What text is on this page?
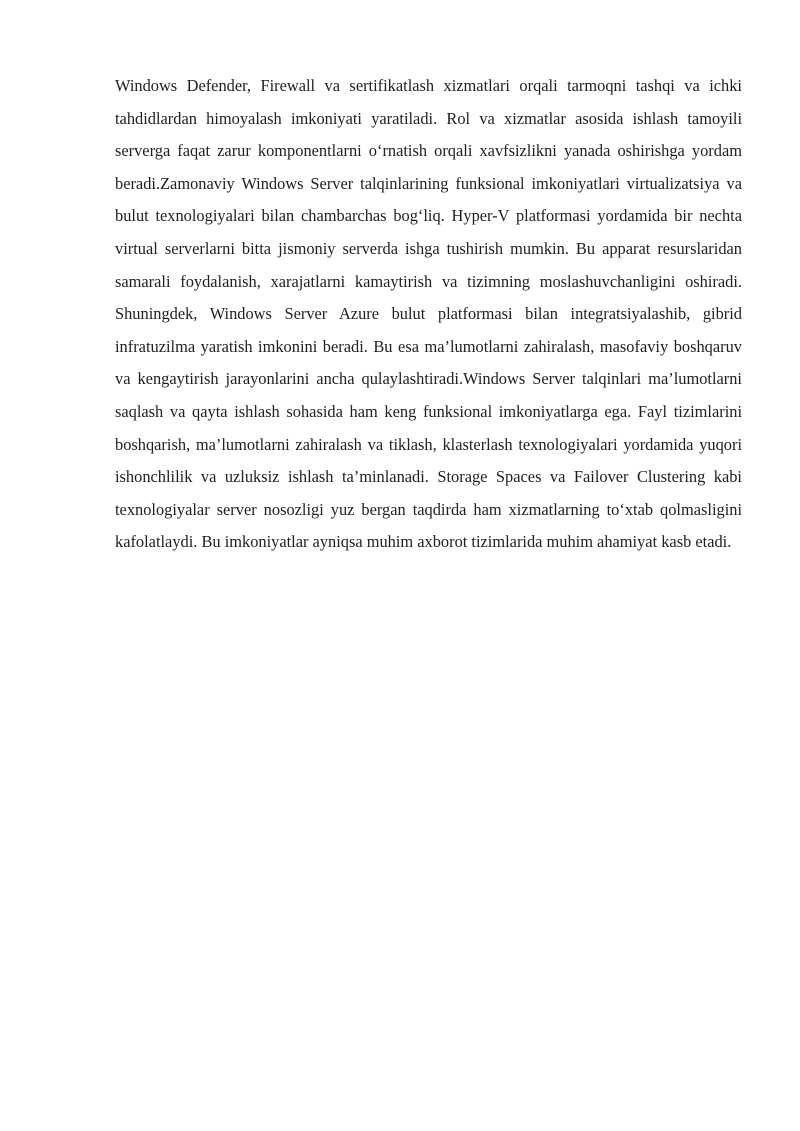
Windows Defender, Firewall va sertifikatlash xizmatlari orqali tarmoqni tashqi va ichki tahdidlardan himoyalash imkoniyati yaratiladi. Rol va xizmatlar asosida ishlash tamoyili serverga faqat zarur komponentlarni o‘rnatish orqali xavfsizlikni yanada oshirishga yordam beradi.Zamonaviy Windows Server talqinlarining funksional imkoniyatlari virtualizatsiya va bulut texnologiyalari bilan chambarchas bog‘liq. Hyper-V platformasi yordamida bir nechta virtual serverlarni bitta jismoniy serverda ishga tushirish mumkin. Bu apparat resurslaridan samarali foydalanish, xarajatlarni kamaytirish va tizimning moslashuvchanligini oshiradi. Shuningdek, Windows Server Azure bulut platformasi bilan integratsiyalashib, gibrid infratuzilma yaratish imkonini beradi. Bu esa ma’lumotlarni zahiralash, masofaviy boshqaruv va kengaytirish jarayonlarini ancha qulaylashtiradi.Windows Server talqinlari ma’lumotlarni saqlash va qayta ishlash sohasida ham keng funksional imkoniyatlarga ega. Fayl tizimlarini boshqarish, ma’lumotlarni zahiralash va tiklash, klasterlash texnologiyalari yordamida yuqori ishonchlilik va uzluksiz ishlash ta’minlanadi. Storage Spaces va Failover Clustering kabi texnologiyalar server nosozligi yuz bergan taqdirda ham xizmatlarning to‘xtab qolmasligini kafolatlaydi. Bu imkoniyatlar ayniqsa muhim axborot tizimlarida muhim ahamiyat kasb etadi.
